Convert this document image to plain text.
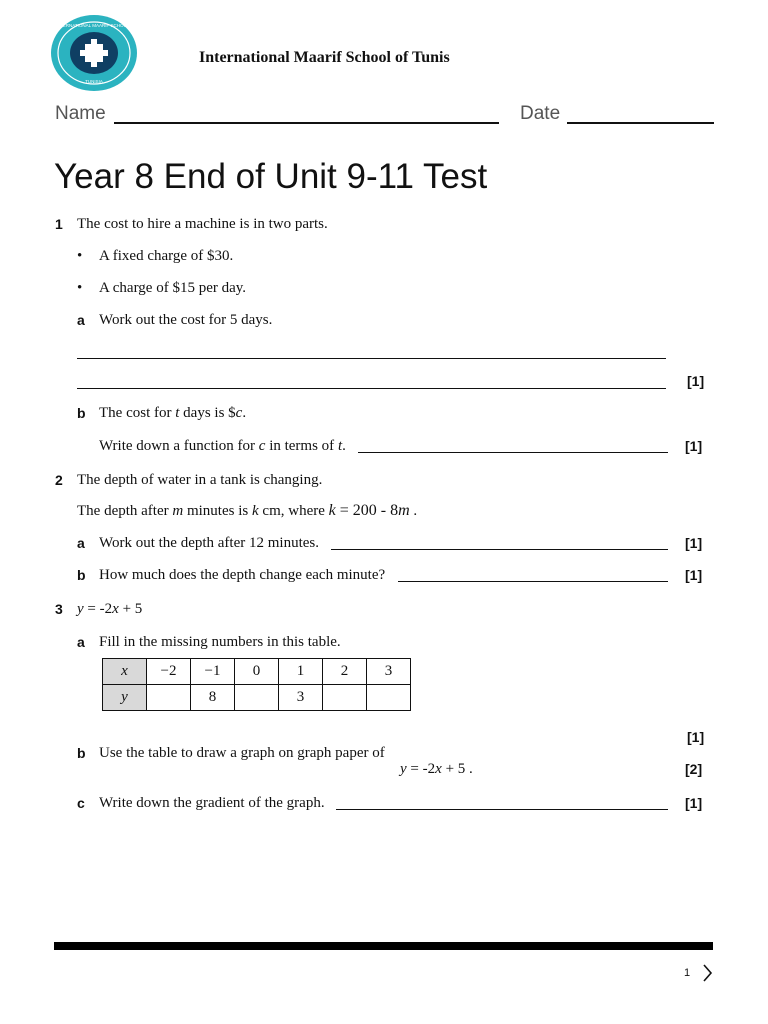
INTERNATIONAL MAARIF SCHOOLS
TUNISIA
International Maarif School of Tunis
Name	Date
Year 8 End of Unit 9-11 Test
1 The cost to hire a machine is in two parts.
• A fixed charge of $30.
• A charge of $15 per day.
a Work out the cost for 5 days.
[1]
b The cost for t days is $c.
Write down a function for c in terms of t.	[1]
2 The depth of water in a tank is changing.
The depth after m minutes is k cm, where k = 200 - 8m .
a Work out the depth after 12 minutes.	[1]
b How much does the depth change each minute?	[1]
3 y = -2x + 5
a Fill in the missing numbers in this table.
x	−2	−1	0	1	2	3
y		8		3		
[1]
b Use the table to draw a graph on graph paper of
y = -2x + 5 .	[2]
c Write down the gradient of the graph.	[1]
1
